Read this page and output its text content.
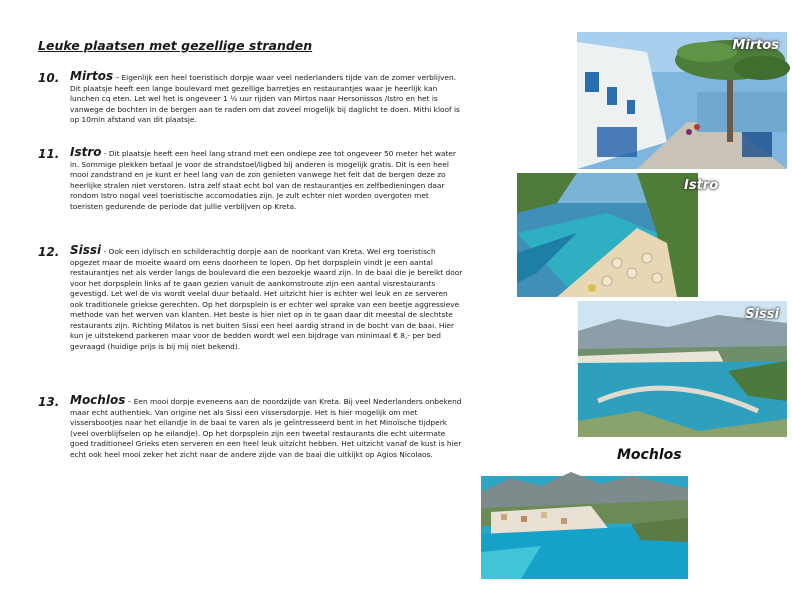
Leuke plaatsen met gezellige stranden
10. Mirtos – Eigenlijk een heel toeristisch dorpje waar veel nederlanders tijde van de zomer verblijven. Dit plaatsje heeft een lange boulevard met gezellige barretjes en restaurantjes waar je heerlijk kan lunchen cq eten. Let wel het is ongeveer 1 ½ uur rijden van Mirtos naar Hersonissos /Istro en het is vanwege de bochten in de bergen aan te raden om dat zoveel mogelijk bij daglicht te doen. Mithi kloof is op 10min afstand van dit plaatsje.
11. Istro - Dit plaatsje heeft een heel lang strand met een ondiepe zee tot ongeveer 50 meter het water in. Sommige plekken betaal je voor de strandstoel/ligbed bij anderen is mogelijk gratis. Dit is een heel mooi zandstrand en je kunt er heel lang van de zon genieten vanwege het feit dat de bergen deze zo heerlijke stralen niet verstoren. Istra zelf staat echt bol van de restaurantjes en zelfbedieningen daar rondom Istro nogal veel toeristische accomodaties zijn. Je zult echter niet worden overgoten met toeristen gedurende de periode dat jullie verblijven op Kreta.
12. Sissi - Ook een idylisch en schilderachtig dorpje aan de noorkant van Kreta. Wel erg toeristisch opgezet maar de moeite waard om eens doorheen te lopen. Op het dorpsplein vindt je een aantal restaurantjes net als verder langs de boulevard die een bezoekje waard zijn. In de baai die je bereikt door voor het dorpsplein links af te gaan gezien vanuit de aankomstroute zijn een aantal visrestaurants gevestigd. Let wel de vis wordt veelal duur betaald. Het uitzicht hier is echter wel leuk en ze serveren ook traditionele griekse gerechten. Op het dorpsplein is er echter wel sprake van een beetje aggressieve methode van het werven van klanten. Het beste is hier niet op in te gaan daar dit meestal de slechtste restaurants zijn. Richting Milatos is net buiten Sissi een heel aardig strand in de bocht van de baai. Hier kun je uitstekend parkeren maar voor de bedden wordt wel een bijdrage van minimaal € 8,- per bed gevraagd (huidige prijs is bij mij niet bekend).
13. Mochlos – Een mooi dorpje eveneens aan de noordzijde van Kreta. Bij veel Nederlanders onbekend maar echt authentiek. Van origine net als Sissi een vissersdorpje. Het is hier mogelijk om met vissersbootjes naar het eilandje in de baai te varen als je geïntresseerd bent in het Minoïsche tijdperk (veel overblijfselen op he eilandje). Op het dorpsplein zijn een tweetal restaurants die echt uitermate goed traditioneel Grieks eten serveren en een heel leuk uitzicht hebben. Het uitzicht vanaf de kust is hier echt ook heel mooi zeker het zicht naar de andere zijde van de baai die uitkijkt op Agios Nicolaos.
Mirtos
Istro
Sissi
Mochlos
